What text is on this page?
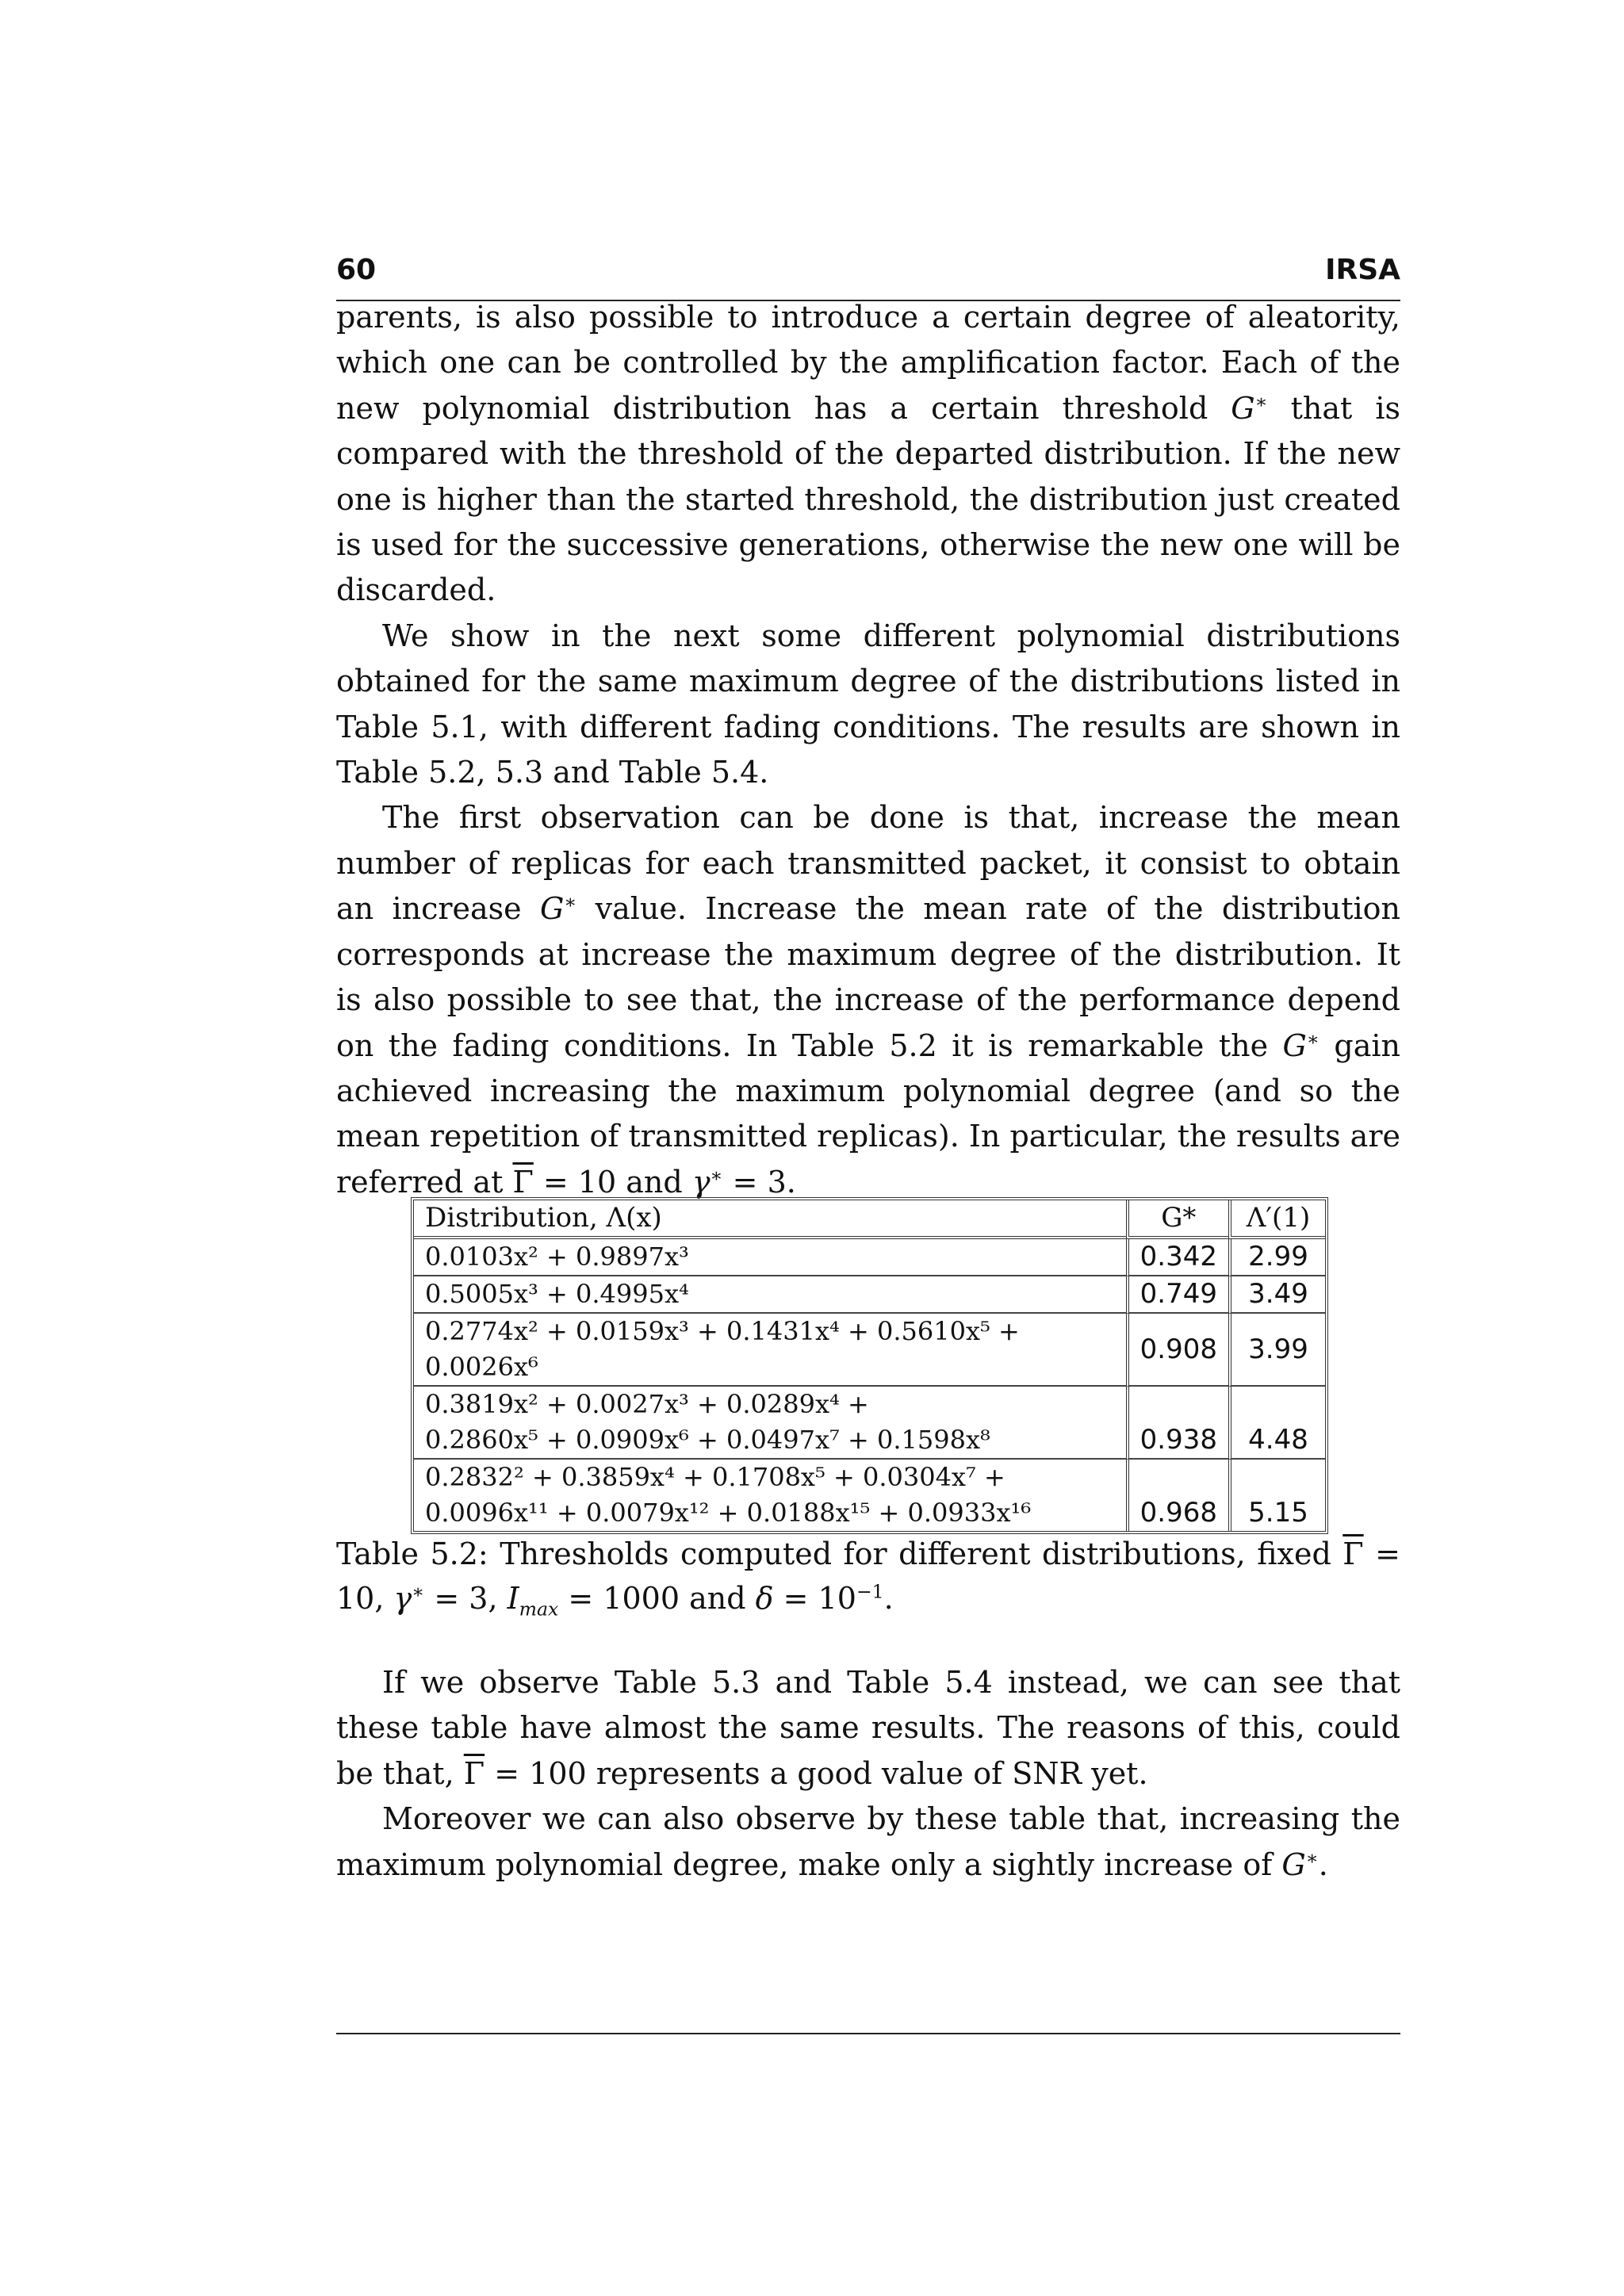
60	IRSA

parents, is also possible to introduce a certain degree of aleatority, which one can be controlled by the amplification factor. Each of the new polynomial distribution has a certain threshold G∗ that is compared with the threshold of the departed distribution. If the new one is higher than the started threshold, the distribution just created is used for the successive generations, otherwise the new one will be discarded.

We show in the next some different polynomial distributions obtained for the same maximum degree of the distributions listed in Table 5.1, with different fading conditions. The results are shown in Table 5.2, 5.3 and Table 5.4.

The first observation can be done is that, increase the mean number of replicas for each transmitted packet, it consist to obtain an increase G∗ value. Increase the mean rate of the distribution corresponds at increase the maximum degree of the distribution. It is also possible to see that, the increase of the performance depend on the fading conditions. In Table 5.2 it is remarkable the G∗ gain achieved increasing the maximum polynomial degree (and so the mean repetition of transmitted replicas). In particular, the results are referred at $\overline{\Gamma} = 10$ and γ∗ = 3.

Distribution, Λ(x)	G*	Λ′(1)
0.0103x² + 0.9897x³	0.342	2.99
0.5005x³ + 0.4995x⁴	0.749	3.49
0.2774x² + 0.0159x³ + 0.1431x⁴ + 0.5610x⁵ + 0.0026x⁶	0.908	3.99

0.3819x² + 0.0027x³ + 0.0289x⁴ +
0.2860x⁵ + 0.0909x⁶ + 0.0497x⁷ + 0.1598x⁸	0.938	4.48

0.2832² + 0.3859x⁴ + 0.1708x⁵ + 0.0304x⁷ +
0.0096x¹¹ + 0.0079x¹² + 0.0188x¹⁵ + 0.0933x¹⁶	0.968	5.15
Table 5.2: Thresholds computed for different distributions, fixed $\overline{\Gamma} = 10$, γ∗ = 3, $I_{max} = 1000$ and $\delta = 10^{-1}$.

If we observe Table 5.3 and Table 5.4 instead, we can see that these table have almost the same results. The reasons of this, could be that, $\overline{\Gamma} = 100$ represents a good value of SNR yet.

Moreover we can also observe by these table that, increasing the maximum polynomial degree, make only a sightly increase of G∗.
